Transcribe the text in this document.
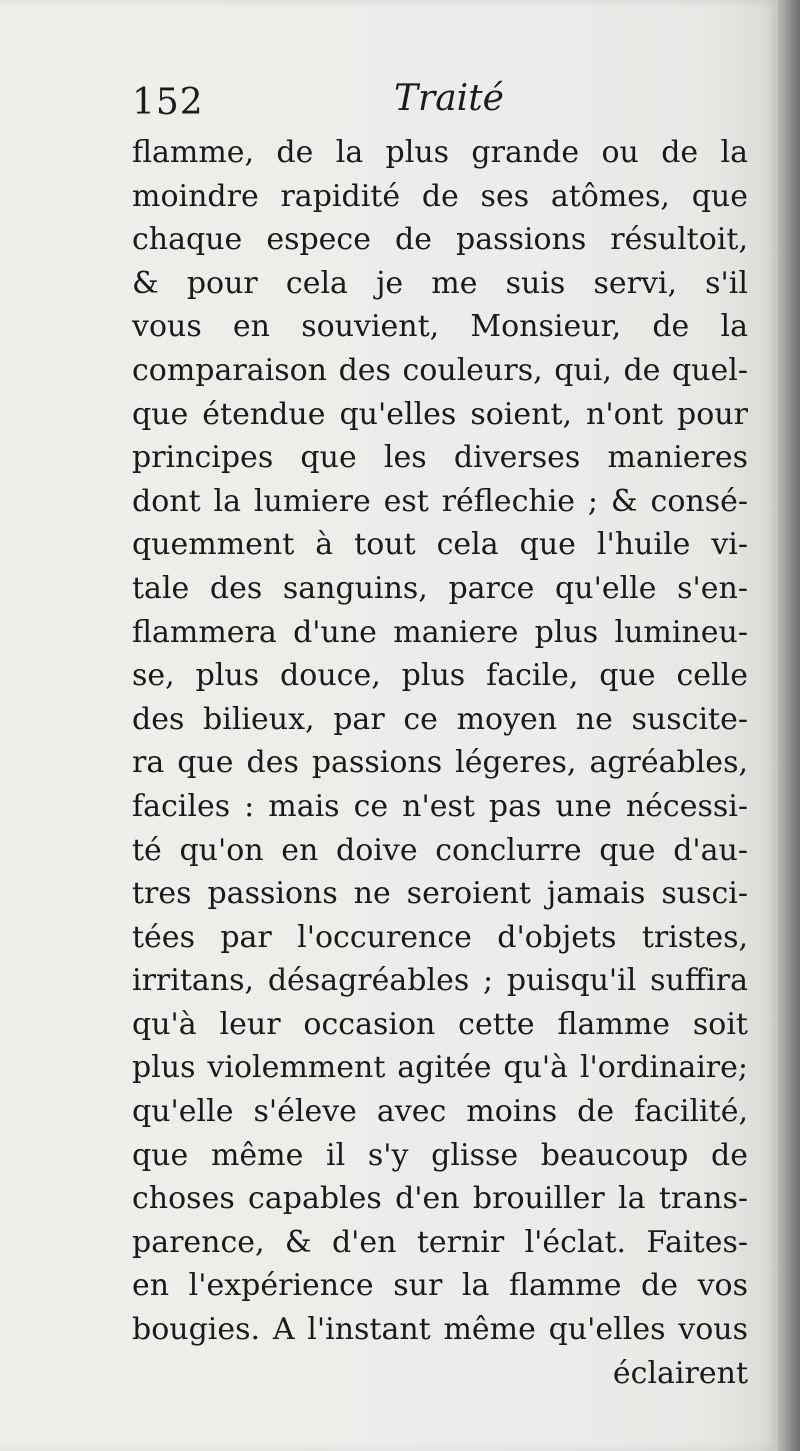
152	Traité
flamme, de la plus grande ou de la
moindre rapidité de ses atômes, que
chaque espece de passions résultoit,
& pour cela je me suis servi, s'il
vous en souvient, Monsieur, de la
comparaison des couleurs, qui, de quel-
que étendue qu'elles soient, n'ont pour
principes que les diverses manieres
dont la lumiere est réflechie ; & consé-
quemment à tout cela que l'huile vi-
tale des sanguins, parce qu'elle s'en-
flammera d'une maniere plus lumineu-
se, plus douce, plus facile, que celle
des bilieux, par ce moyen ne suscite-
ra que des passions légeres, agréables,
faciles : mais ce n'est pas une nécessi-
té qu'on en doive conclurre que d'au-
tres passions ne seroient jamais susci-
tées par l'occurence d'objets tristes,
irritans, désagréables ; puisqu'il suffira
qu'à leur occasion cette flamme soit
plus violemment agitée qu'à l'ordinaire;
qu'elle s'éleve avec moins de facilité,
que même il s'y glisse beaucoup de
choses capables d'en brouiller la trans-
parence, & d'en ternir l'éclat. Faites-
en l'expérience sur la flamme de vos
bougies. A l'instant même qu'elles vous
éclairent
